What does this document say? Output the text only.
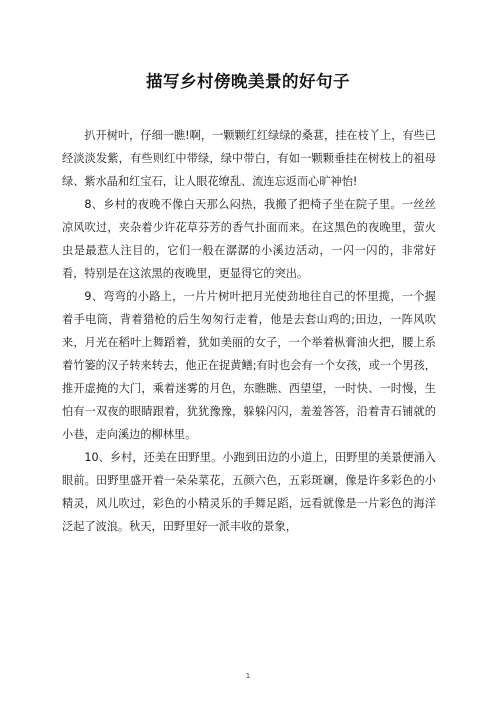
描写乡村傍晚美景的好句子

扒开树叶，仔细一瞧!啊，一颗颗红红绿绿的桑葚，挂在枝丫上，有些已经淡淡发紫，有些则红中带绿，绿中带白，有如一颗颗垂挂在树枝上的祖母绿、紫水晶和红宝石，让人眼花缭乱、流连忘返而心旷神怡!

8、乡村的夜晚不像白天那么闷热，我搬了把椅子坐在院子里。一丝丝凉风吹过，夹杂着少许花草芬芳的香气扑面而来。在这黑色的夜晚里，萤火虫是最惹人注目的，它们一般在潺潺的小溪边活动，一闪一闪的，非常好看，特别是在这浓黑的夜晚里，更显得它的突出。

9、弯弯的小路上，一片片树叶把月光使劲地往自己的怀里揽，一个握着手电筒，背着猎枪的后生匆匆行走着，他是去套山鸡的;田边，一阵风吹来，月光在稻叶上舞蹈着，犹如美丽的女子，一个举着枞膏油火把，腰上系着竹篓的汉子转来转去，他正在捉黄鳝;有时也会有一个女孩，或一个男孩，推开虚掩的大门，乘着迷雾的月色，东瞧瞧、西望望，一时快、一时慢，生怕有一双夜的眼睛跟着，犹犹豫豫，躲躲闪闪，羞羞答答，沿着青石铺就的小巷，走向溪边的柳林里。

10、乡村，还美在田野里。小跑到田边的小道上，田野里的美景便涌入眼前。田野里盛开着一朵朵菜花，五颜六色，五彩斑斓，像是许多彩色的小精灵，风儿吹过，彩色的小精灵乐的手舞足蹈，远看就像是一片彩色的海洋泛起了波浪。秋天，田野里好一派丰收的景象，

1
